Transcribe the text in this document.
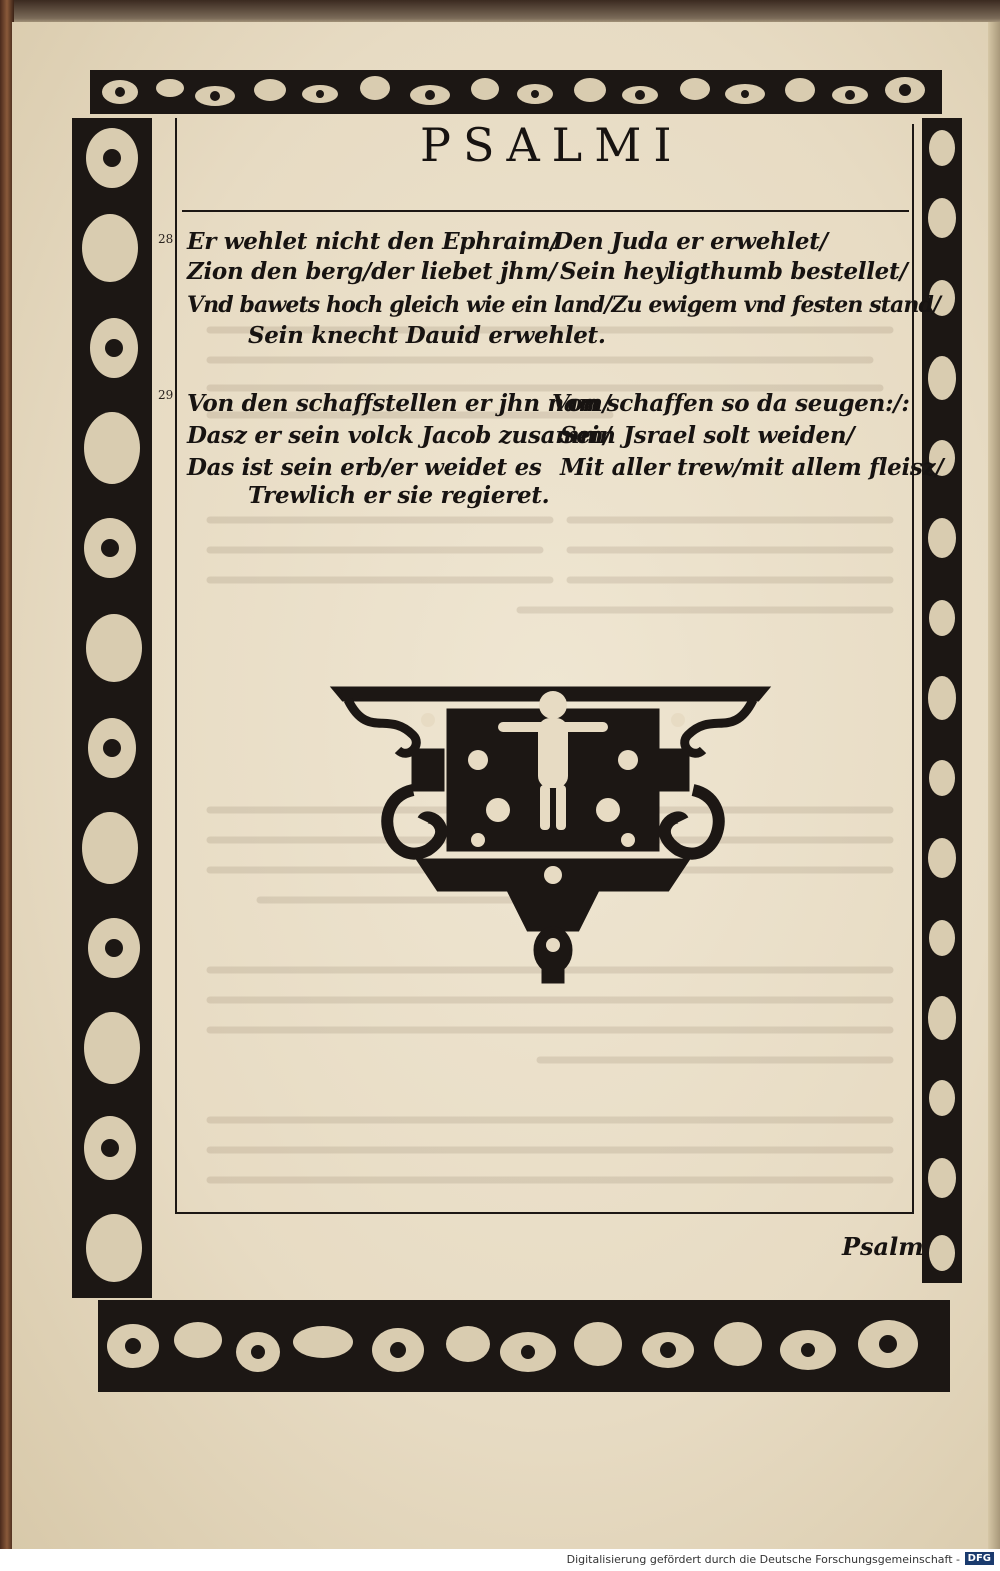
PSALMI
28 Er wehlet nicht den Ephraim/
Den Juda er erwehlet/
Zion den berg/der liebet jhm/ Sein heyligthumb bestellet/
Vnd bawets hoch gleich wie ein land/Zu ewigem vnd festen stand/
Sein knecht Dauid erwehlet.
29 Von den schaffstellen er jhn nam/
Von schaffen so da seugen:/:
Dasz er sein volck Jacob zusamm/
Sein Jsrael solt weiden/
Das ist sein erb/er weidet es Mit aller trew/mit allem fleisz/
Trewlich er sie regieret.
Psalm
Digitalisierung gefördert durch die Deutsche Forschungsgemeinschaft - DFG
